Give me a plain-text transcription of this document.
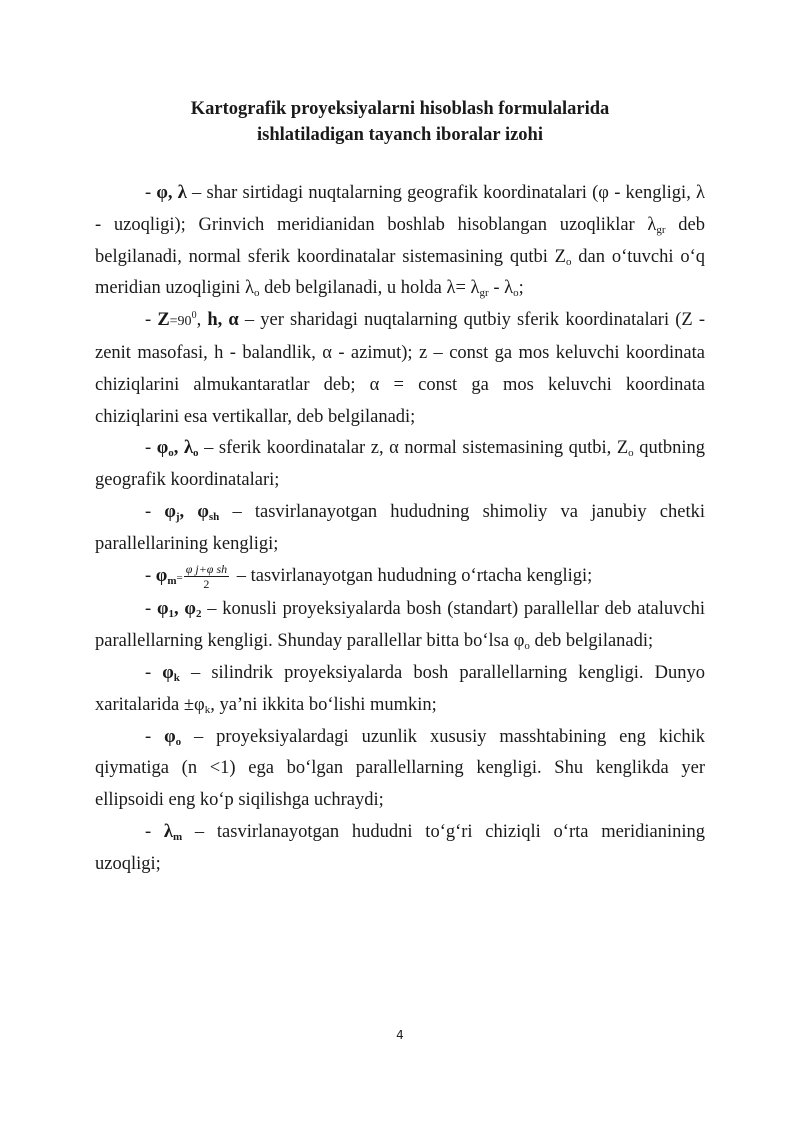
Kartografik proyeksiyalarni hisoblash formulalarida
ishlatiladigan tayanch iboralar izohi

- φ, λ – shar sirtidagi nuqtalarning geografik koordinatalari (φ - kengligi, λ - uzoqligi); Grinvich meridianidan boshlab hisoblangan uzoqliklar $\lambda_{gr}$ deb belgilanadi, normal sferik koordinatalar sistemasining qutbi $Z_o$ dan o‘tuvchi o‘q meridian uzoqligini $\lambda_o$ deb belgilanadi, u holda $\lambda= \lambda_{gr} - \lambda_o$;

- $Z=90^0$, h, α – yer sharidagi nuqtalarning qutbiy sferik koordinatalari (Z - zenit masofasi, h - balandlik, α - azimut); z – const ga mos keluvchi koordinata chiziqlarini almukantaratlar deb; α = const ga mos keluvchi koordinata chiziqlarini esa vertikallar, deb belgilanadi;

- $\varphi_o$, $\lambda_o$ – sferik koordinatalar z, α normal sistemasining qutbi, $Z_o$ qutbning geografik koordinatalari;

- $\varphi_j$, $\varphi_{sh}$ – tasvirlanayotgan hududning shimoliy va janubiy chetki parallellarining kengligi;

- $\varphi_m= \frac{\text{φ j+φ sh}}{2}$ – tasvirlanayotgan hududning o‘rtacha kengligi;

- $\varphi_1$, $\varphi_2$ – konusli proyeksiyalarda bosh (standart) parallellar deb ataluvchi parallellarning kengligi. Shunday parallellar bitta bo‘lsa $\varphi_o$ deb belgilanadi;

- $\varphi_k$ – silindrik proyeksiyalarda bosh parallellarning kengligi. Dunyo xaritalarida $\pm\varphi_k$, ya’ni ikkita bo‘lishi mumkin;

- $\varphi_o$ – proyeksiyalardagi uzunlik xususiy masshtabining eng kichik qiymatiga (n <1) ega bo‘lgan parallellarning kengligi. Shu kenglikda yer ellipsoidi eng ko‘p siqilishga uchraydi;

- $\lambda_m$ – tasvirlanayotgan hududni to‘g‘ri chiziqli o‘rta meridianining uzoqligi;

4
